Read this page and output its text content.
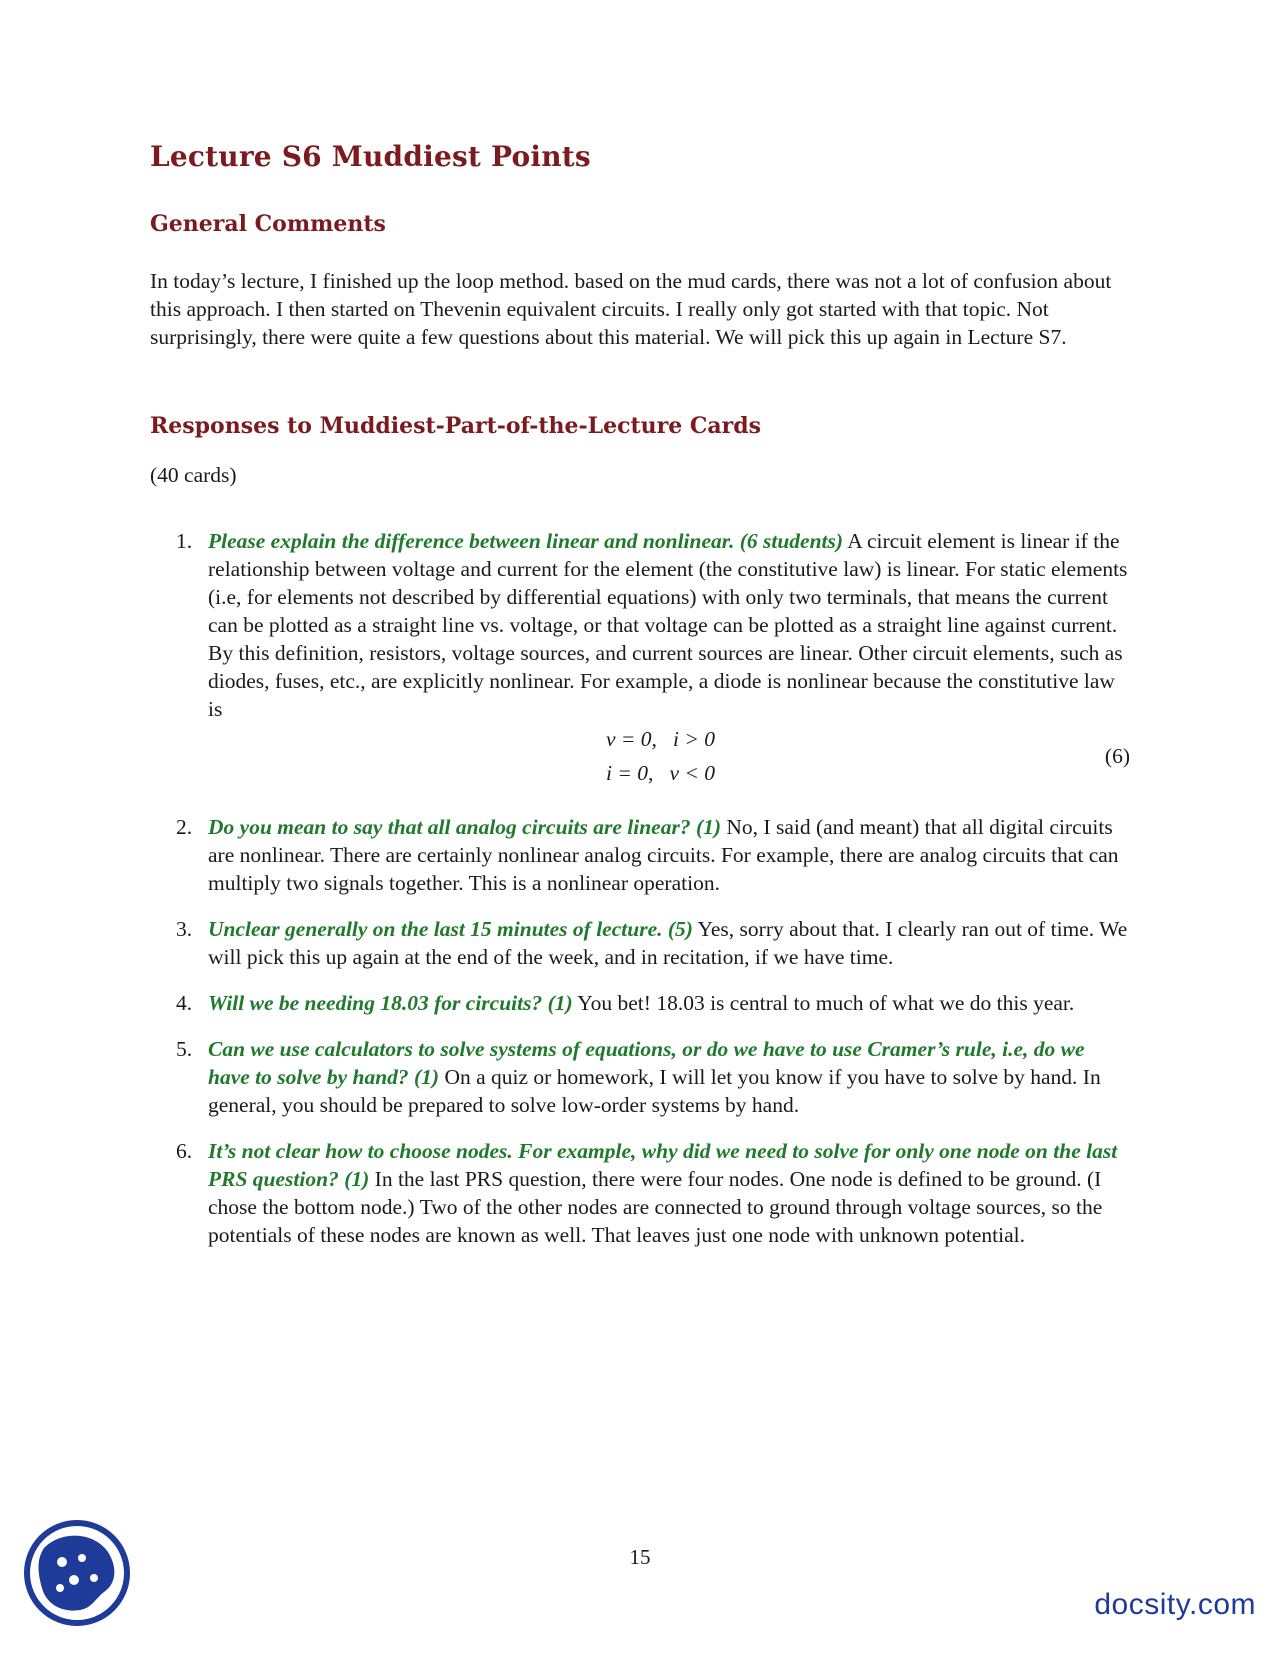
Lecture S6 Muddiest Points
General Comments

In today’s lecture, I finished up the loop method. based on the mud cards, there was not a lot of confusion about this approach. I then started on Thevenin equivalent circuits. I really only got started with that topic. Not surprisingly, there were quite a few questions about this material. We will pick this up again in Lecture S7.

Responses to Muddiest-Part-of-the-Lecture Cards

(40 cards)

1. Please explain the difference between linear and nonlinear. (6 students) A circuit element is linear if the relationship between voltage and current for the element (the constitutive law) is linear. For static elements (i.e, for elements not described by differential equations) with only two terminals, that means the current can be plotted as a straight line vs. voltage, or that voltage can be plotted as a straight line against current. By this definition, resistors, voltage sources, and current sources are linear. Other circuit elements, such as diodes, fuses, etc., are explicitly nonlinear. For example, a diode is nonlinear because the constitutive law is
v = 0,   i > 0
i = 0,   v < 0
(6)
2. Do you mean to say that all analog circuits are linear? (1) No, I said (and meant) that all digital circuits are nonlinear. There are certainly nonlinear analog circuits. For example, there are analog circuits that can multiply two signals together. This is a nonlinear operation.
3. Unclear generally on the last 15 minutes of lecture. (5) Yes, sorry about that. I clearly ran out of time. We will pick this up again at the end of the week, and in recitation, if we have time.
4. Will we be needing 18.03 for circuits? (1) You bet! 18.03 is central to much of what we do this year.
5. Can we use calculators to solve systems of equations, or do we have to use Cramer’s rule, i.e, do we have to solve by hand? (1) On a quiz or homework, I will let you know if you have to solve by hand. In general, you should be prepared to solve low-order systems by hand.
6. It’s not clear how to choose nodes. For example, why did we need to solve for only one node on the last PRS question? (1) In the last PRS question, there were four nodes. One node is defined to be ground. (I chose the bottom node.) Two of the other nodes are connected to ground through voltage sources, so the potentials of these nodes are known as well. That leaves just one node with unknown potential.
15
docsity.com
